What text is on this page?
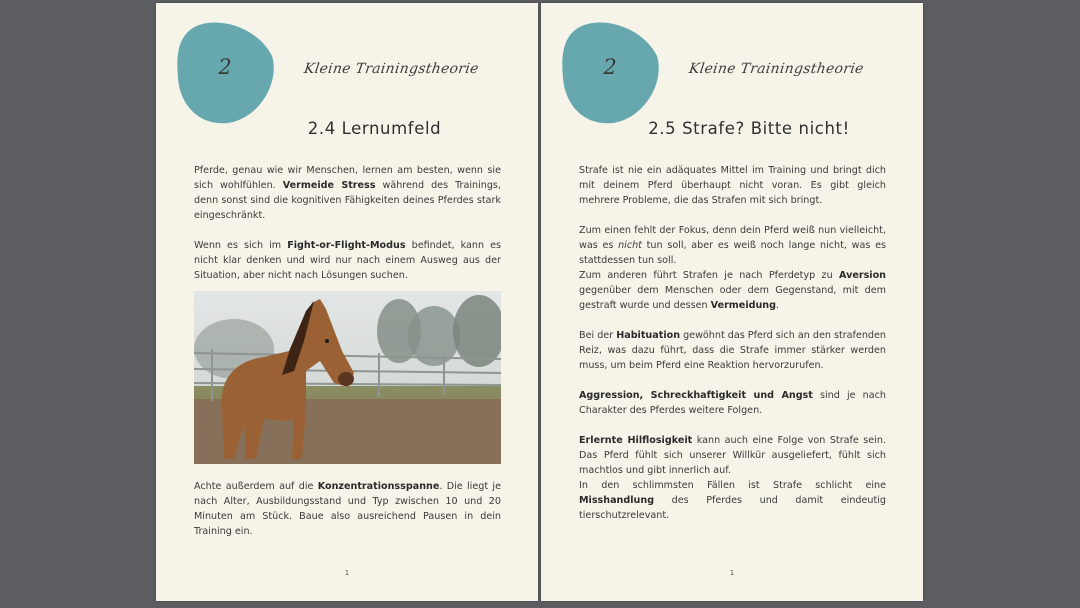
2	Kleine Trainingstheorie
2.4 Lernumfeld

Pferde, genau wie wir Menschen, lernen am besten, wenn sie sich wohlfühlen. Vermeide Stress während des Trainings, denn sonst sind die kognitiven Fähigkeiten deines Pferdes stark eingeschränkt.

Wenn es sich im Fight-or-Flight-Modus befindet, kann es nicht klar denken und wird nur nach einem Ausweg aus der Situation, aber nicht nach Lösungen suchen.

Achte außerdem auf die Konzentrationsspanne. Die liegt je nach Alter, Ausbildungsstand und Typ zwischen 10 und 20 Minuten am Stück. Baue also ausreichend Pausen in dein Training ein.

1
2	Kleine Trainingstheorie
2.5 Strafe? Bitte nicht!

Strafe ist nie ein adäquates Mittel im Training und bringt dich mit deinem Pferd überhaupt nicht voran. Es gibt gleich mehrere Probleme, die das Strafen mit sich bringt.

Zum einen fehlt der Fokus, denn dein Pferd weiß nun vielleicht, was es nicht tun soll, aber es weiß noch lange nicht, was es stattdessen tun soll.

Zum anderen führt Strafen je nach Pferdetyp zu Aversion gegenüber dem Menschen oder dem Gegenstand, mit dem gestraft wurde und dessen Vermeidung.

Bei der Habituation gewöhnt das Pferd sich an den strafenden Reiz, was dazu führt, dass die Strafe immer stärker werden muss, um beim Pferd eine Reaktion hervorzurufen.

Aggression, Schreckhaftigkeit und Angst sind je nach Charakter des Pferdes weitere Folgen.

Erlernte Hilflosigkeit kann auch eine Folge von Strafe sein. Das Pferd fühlt sich unserer Willkür ausgeliefert, fühlt sich machtlos und gibt innerlich auf.

In den schlimmsten Fällen ist Strafe schlicht eine Misshandlung des Pferdes und damit eindeutig tierschutzrelevant.

1
